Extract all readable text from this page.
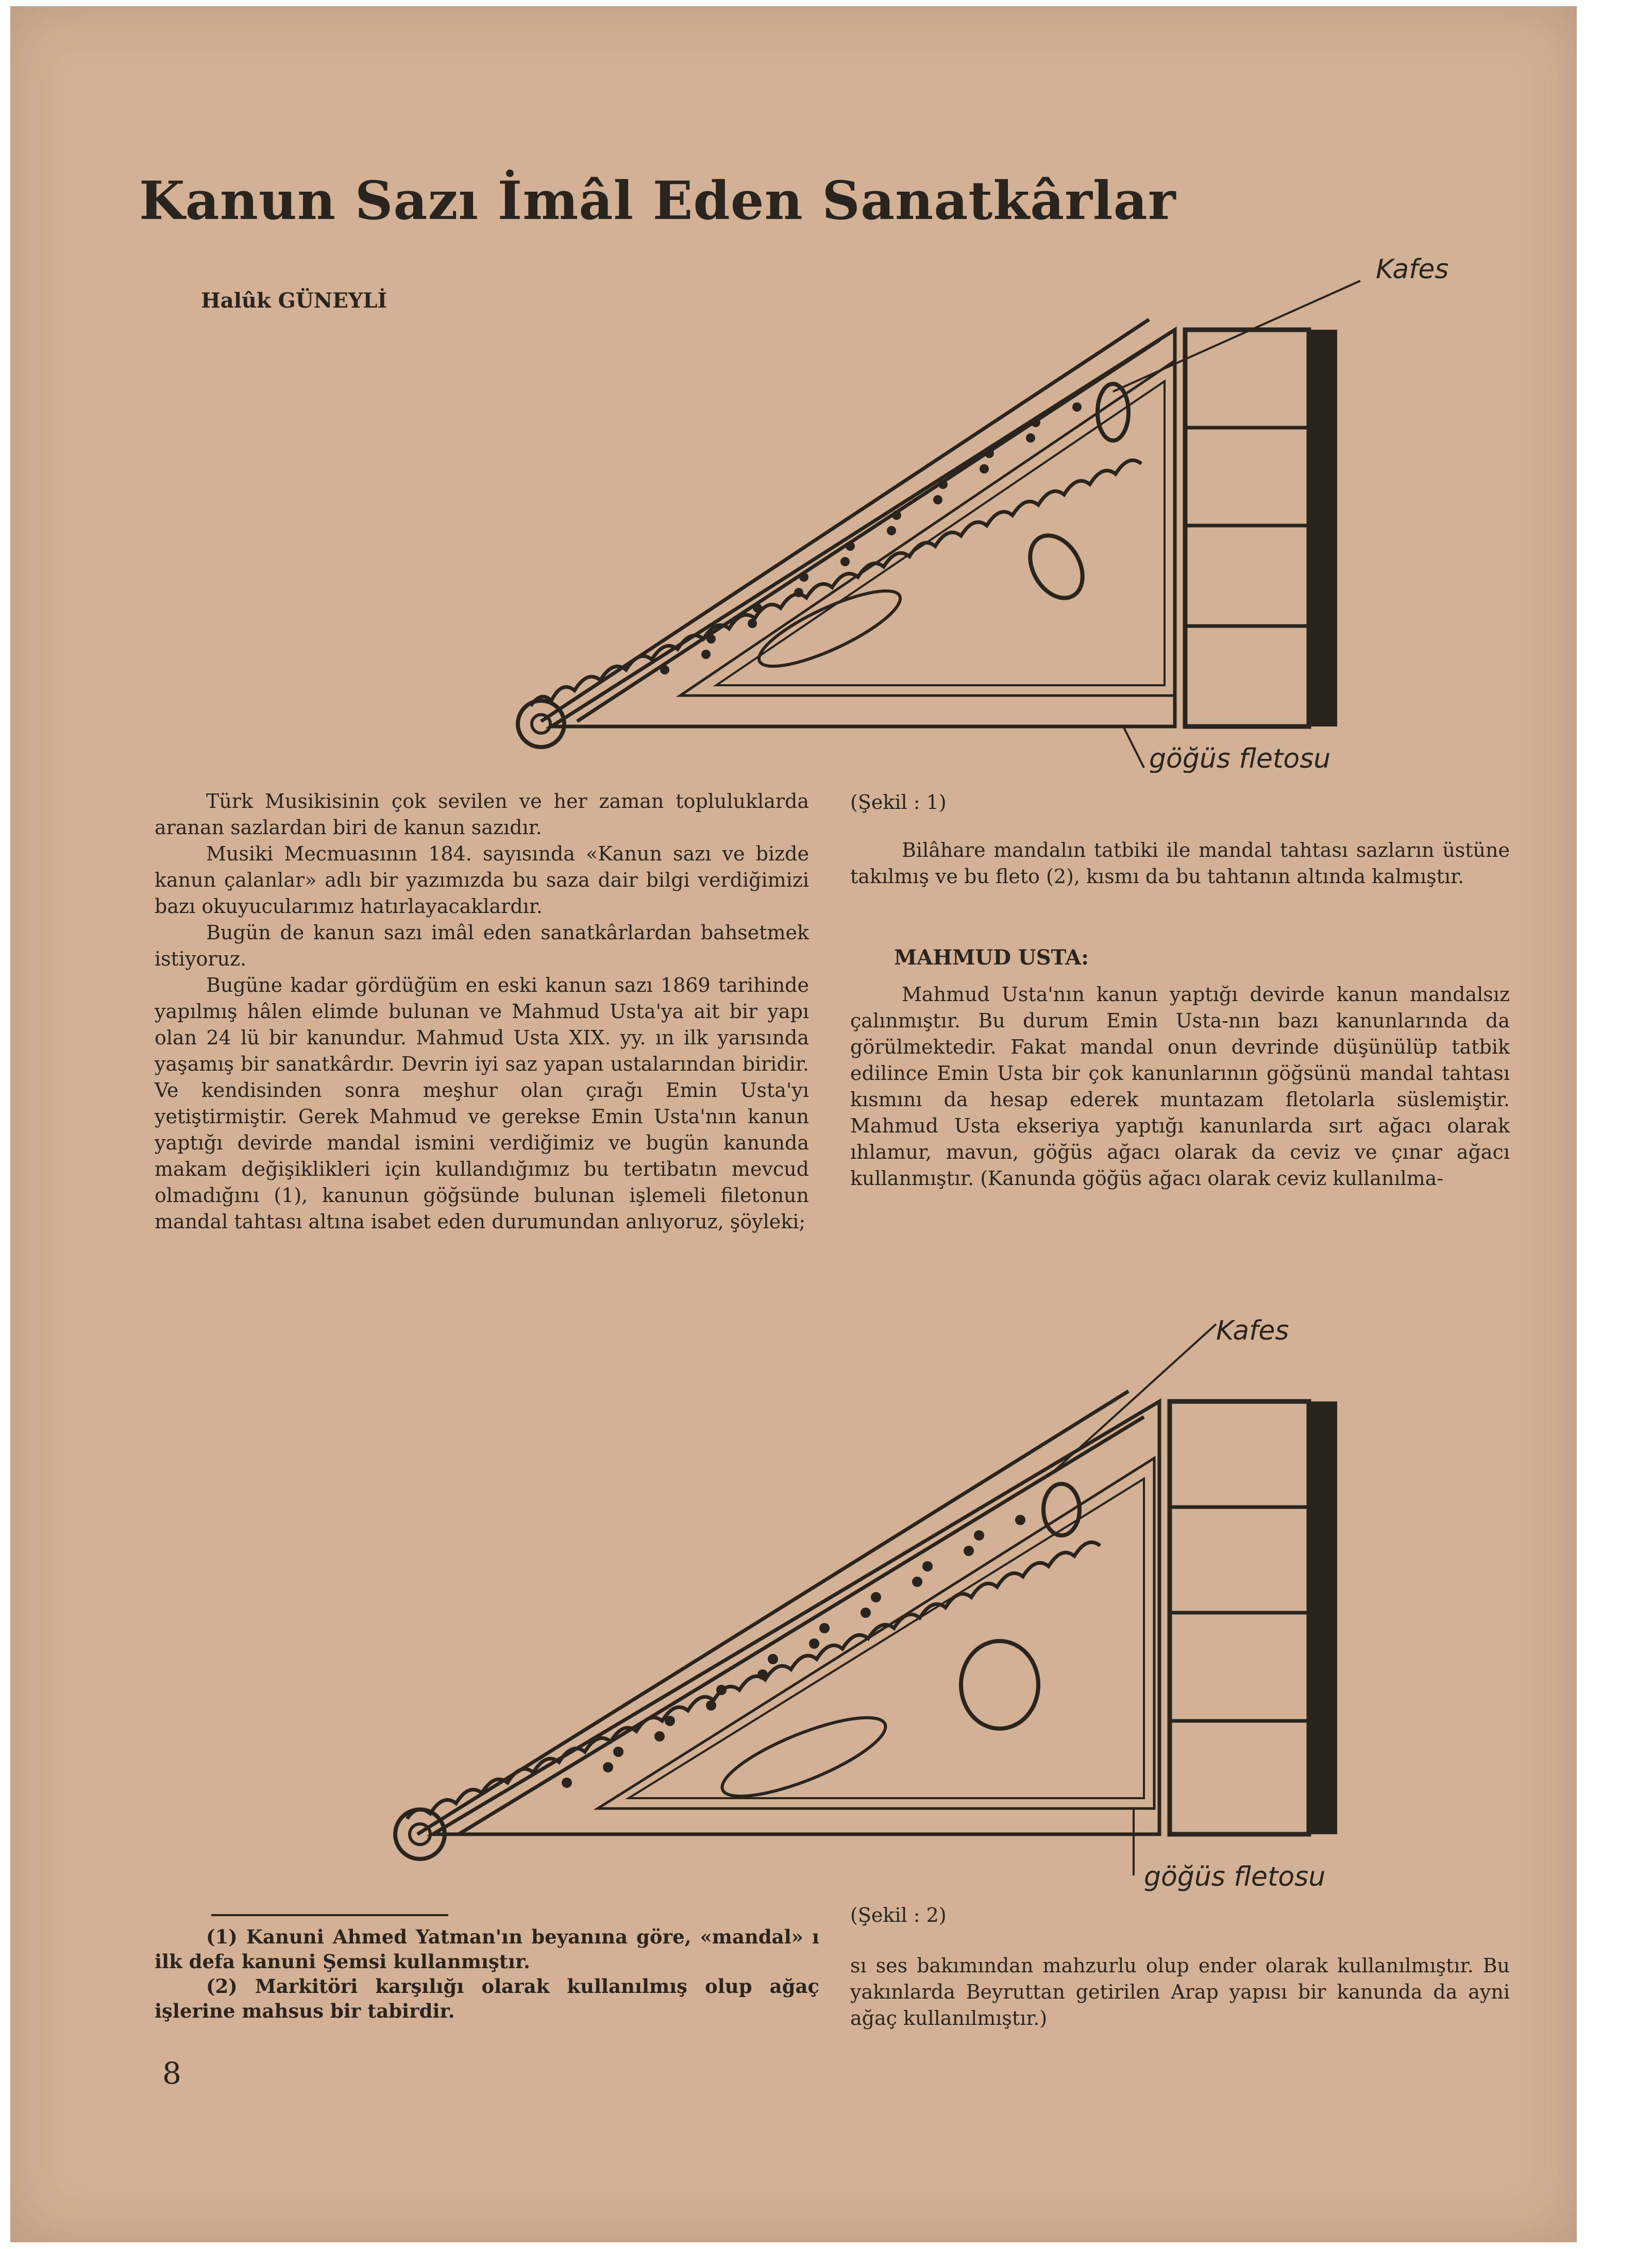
Kanun Sazı İmâl Eden Sanatkârlar
Halûk GÜNEYLİ
Kafes
göğüs fletosu
(Şekil : 1)

Türk Musikisinin çok sevilen ve her zaman topluluklarda aranan sazlardan biri de kanun sazıdır.

Musiki Mecmuasının 184. sayısında «Kanun sazı ve bizde kanun çalanlar» adlı bir yazımızda bu saza dair bilgi verdiğimizi bazı okuyucularımız hatırlayacaklardır.

Bugün de kanun sazı imâl eden sanatkârlardan bahsetmek istiyoruz.

Bugüne kadar gördüğüm en eski kanun sazı 1869 tarihinde yapılmış hâlen elimde bulunan ve Mahmud Usta'ya ait bir yapı olan 24 lü bir kanundur. Mahmud Usta XIX. yy. ın ilk yarısında yaşamış bir sanatkârdır. Devrin iyi saz yapan ustalarından biridir. Ve kendisinden sonra meşhur olan çırağı Emin Usta'yı yetiştirmiştir. Gerek Mahmud ve gerekse Emin Usta'nın kanun yaptığı devirde mandal ismini verdiğimiz ve bugün kanunda makam değişiklikleri için kullandığımız bu tertibatın mevcud olmadığını (1), kanunun göğsünde bulunan işlemeli filetonun mandal tahtası altına isabet eden durumundan anlıyoruz, şöyleki;

Bilâhare mandalın tatbiki ile mandal tahtası sazların üstüne takılmış ve bu fleto (2), kısmı da bu tahtanın altında kalmıştır.

MAHMUD USTA:

Mahmud Usta'nın kanun yaptığı devirde kanun mandalsız çalınmıştır. Bu durum Emin Usta-nın bazı kanunlarında da görülmektedir. Fakat mandal onun devrinde düşünülüp tatbik edilince Emin Usta bir çok kanunlarının göğsünü mandal tahtası kısmını da hesap ederek muntazam fletolarla süslemiştir. Mahmud Usta ekseriya yaptığı kanunlarda sırt ağacı olarak ıhlamur, mavun, göğüs ağacı olarak da ceviz ve çınar ağacı kullanmıştır. (Kanunda göğüs ağacı olarak ceviz kullanılma-

Kafes
göğüs fletosu
(Şekil : 2)
(1) Kanuni Ahmed Yatman'ın beyanına göre, «mandal» ı ilk defa kanuni Şemsi kullanmıştır.
(2) Markitöri karşılığı olarak kullanılmış olup ağaç işlerine mahsus bir tabirdir.

sı ses bakımından mahzurlu olup ender olarak kullanılmıştır. Bu yakınlarda Beyruttan getirilen Arap yapısı bir kanunda da ayni ağaç kullanılmıştır.)

8
